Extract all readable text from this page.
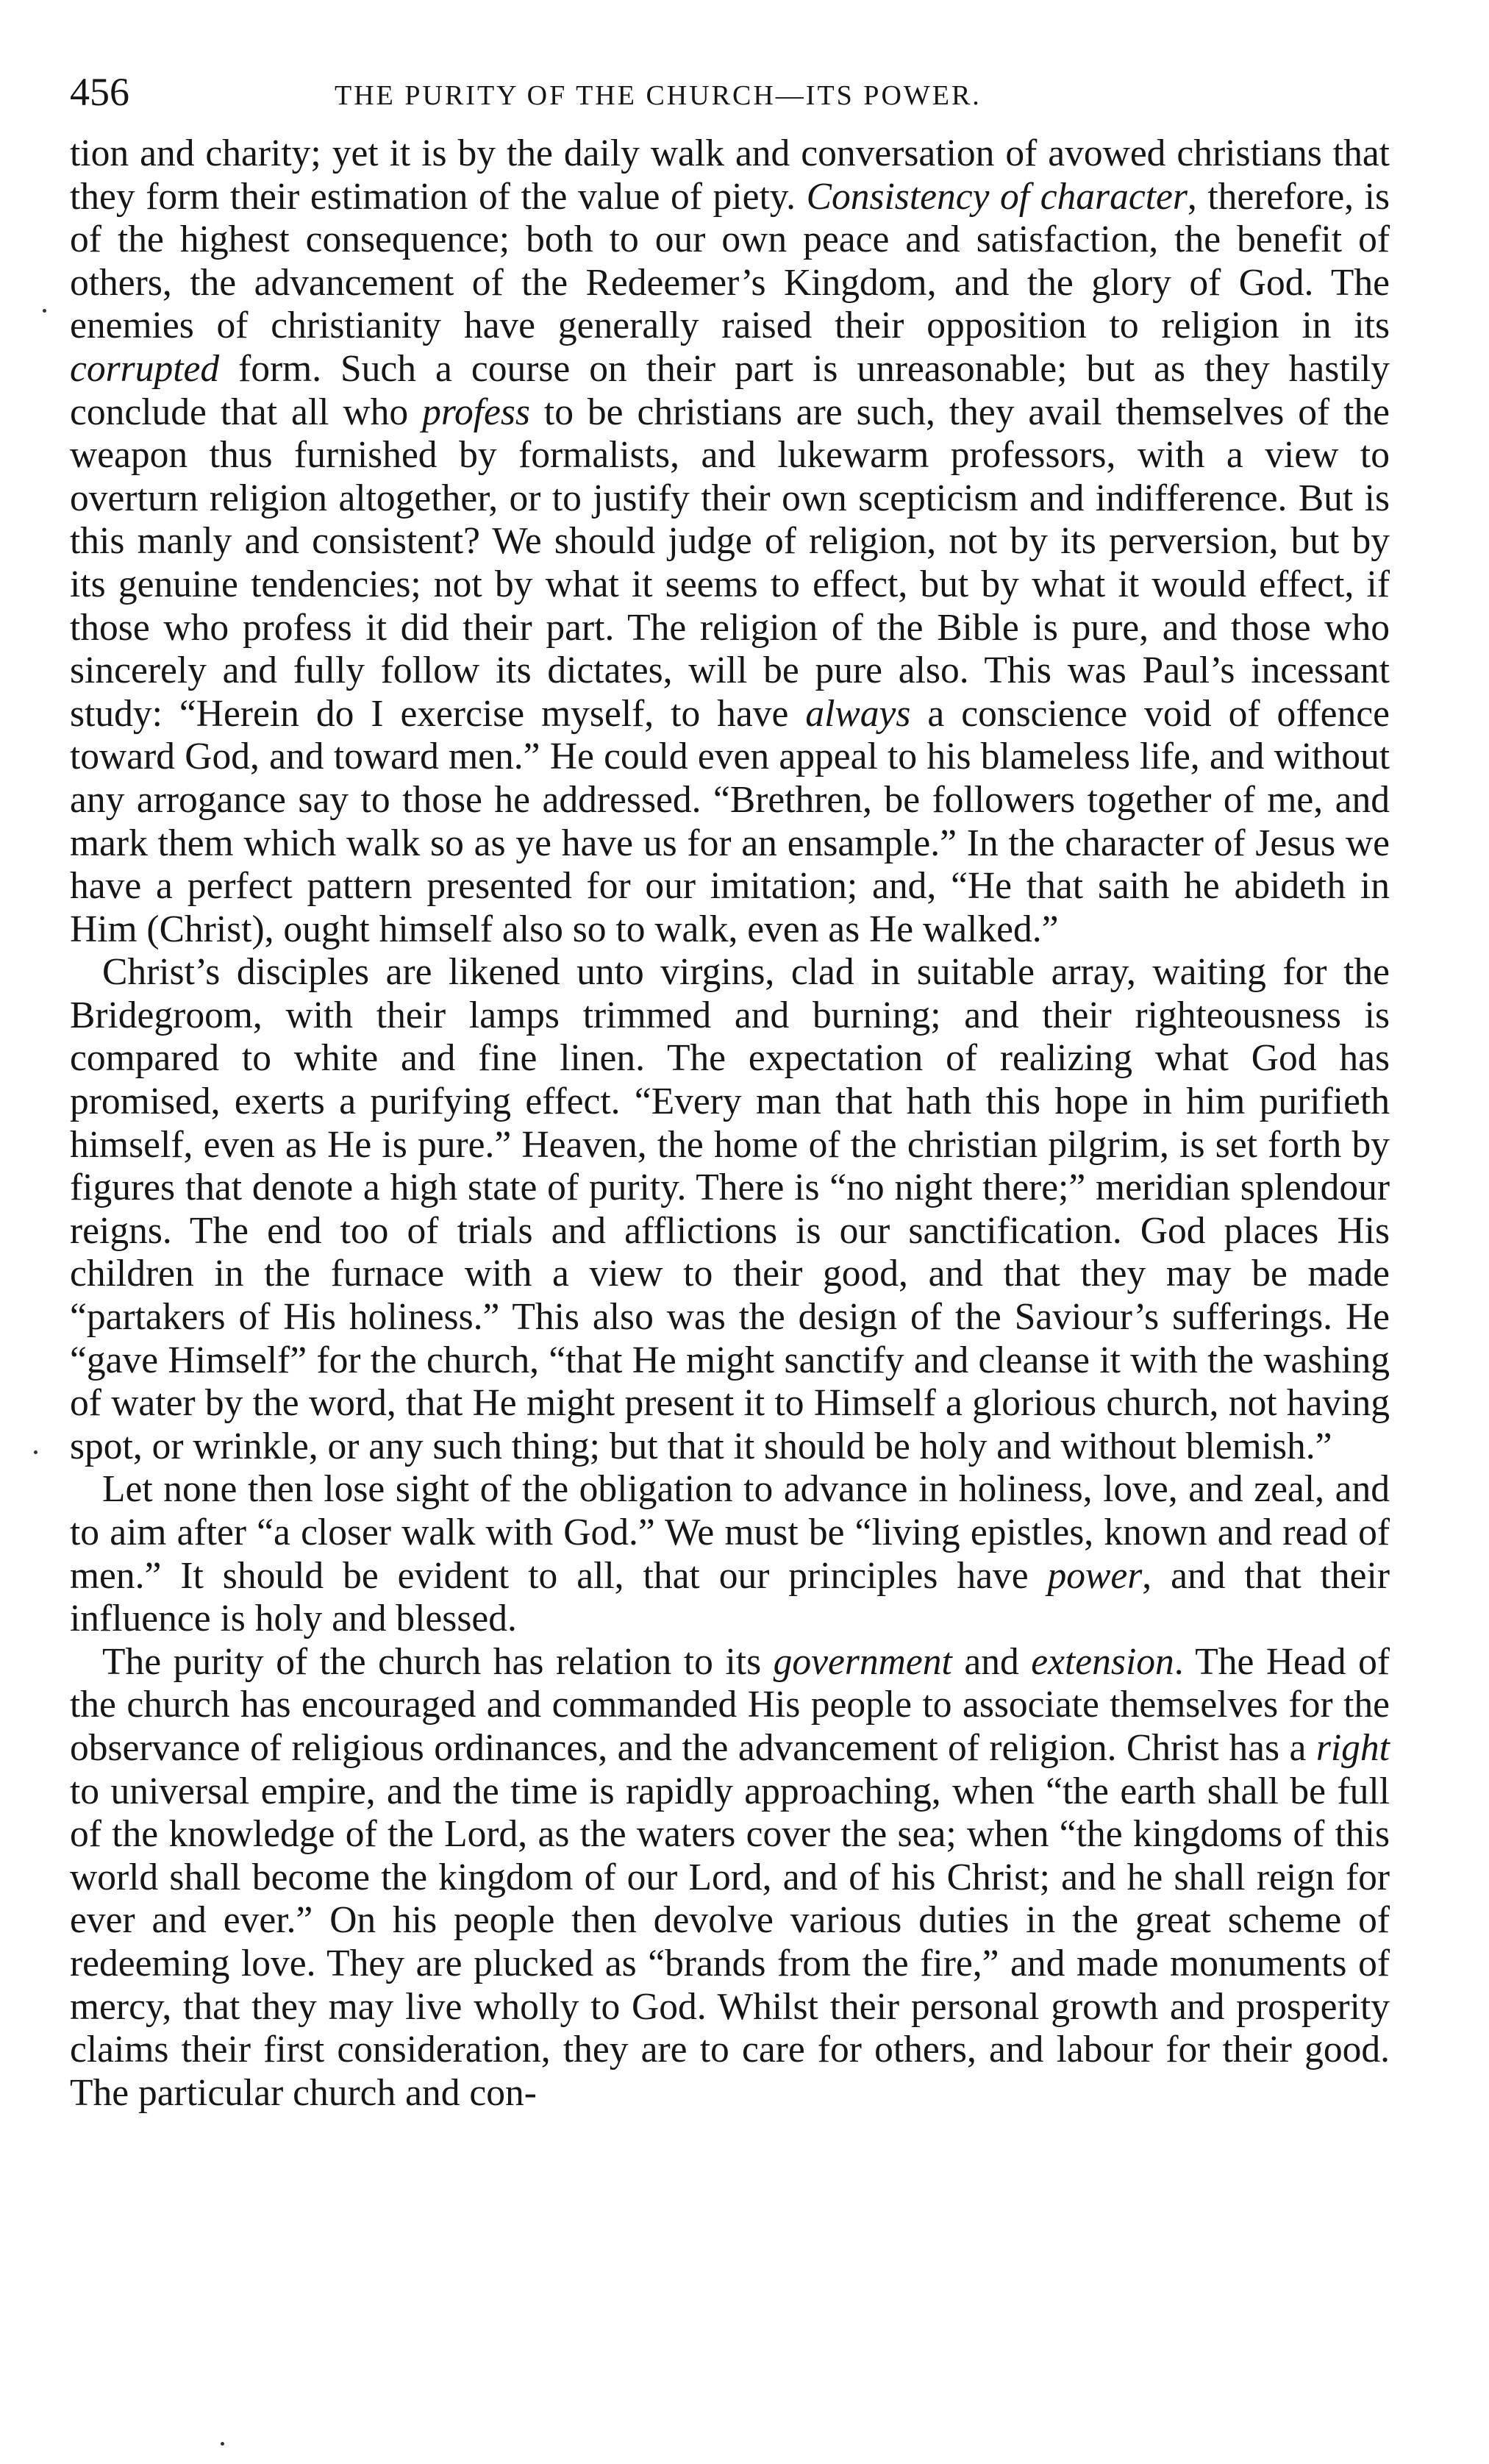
456	THE PURITY OF THE CHURCH—ITS POWER.

tion and charity; yet it is by the daily walk and conversation of avowed christians that they form their estimation of the value of piety. Consistency of character, therefore, is of the highest consequence; both to our own peace and satisfaction, the benefit of others, the advancement of the Redeemer’s Kingdom, and the glory of God. The enemies of christianity have generally raised their opposition to religion in its corrupted form. Such a course on their part is unreasonable; but as they hastily conclude that all who profess to be christians are such, they avail themselves of the weapon thus furnished by formalists, and lukewarm professors, with a view to overturn religion altogether, or to justify their own scepticism and indifference. But is this manly and consistent? We should judge of religion, not by its perversion, but by its genuine tendencies; not by what it seems to effect, but by what it would effect, if those who profess it did their part. The religion of the Bible is pure, and those who sincerely and fully follow its dictates, will be pure also. This was Paul’s incessant study: “Herein do I exercise myself, to have always a conscience void of offence toward God, and toward men.” He could even appeal to his blameless life, and without any arrogance say to those he addressed. “Brethren, be followers together of me, and mark them which walk so as ye have us for an ensample.” In the character of Jesus we have a perfect pattern presented for our imitation; and, “He that saith he abideth in Him (Christ), ought himself also so to walk, even as He walked.”

Christ’s disciples are likened unto virgins, clad in suitable array, waiting for the Bridegroom, with their lamps trimmed and burning; and their righteousness is compared to white and fine linen. The expectation of realizing what God has promised, exerts a purifying effect. “Every man that hath this hope in him purifieth himself, even as He is pure.” Heaven, the home of the christian pilgrim, is set forth by figures that denote a high state of purity. There is “no night there;” meridian splendour reigns. The end too of trials and afflictions is our sanctification. God places His children in the furnace with a view to their good, and that they may be made “partakers of His holiness.” This also was the design of the Saviour’s sufferings. He “gave Himself” for the church, “that He might sanctify and cleanse it with the washing of water by the word, that He might present it to Himself a glorious church, not having spot, or wrinkle, or any such thing; but that it should be holy and without blemish.”

Let none then lose sight of the obligation to advance in holiness, love, and zeal, and to aim after “a closer walk with God.” We must be “living epistles, known and read of men.” It should be evident to all, that our principles have power, and that their influence is holy and blessed.

The purity of the church has relation to its government and extension. The Head of the church has encouraged and commanded His people to associate themselves for the observance of religious ordinances, and the advancement of religion. Christ has a right to universal empire, and the time is rapidly approaching, when “the earth shall be full of the knowledge of the Lord, as the waters cover the sea; when “the kingdoms of this world shall become the kingdom of our Lord, and of his Christ; and he shall reign for ever and ever.” On his people then devolve various duties in the great scheme of redeeming love. They are plucked as “brands from the fire,” and made monuments of mercy, that they may live wholly to God. Whilst their personal growth and prosperity claims their first consideration, they are to care for others, and labour for their good. The particular church and con-
